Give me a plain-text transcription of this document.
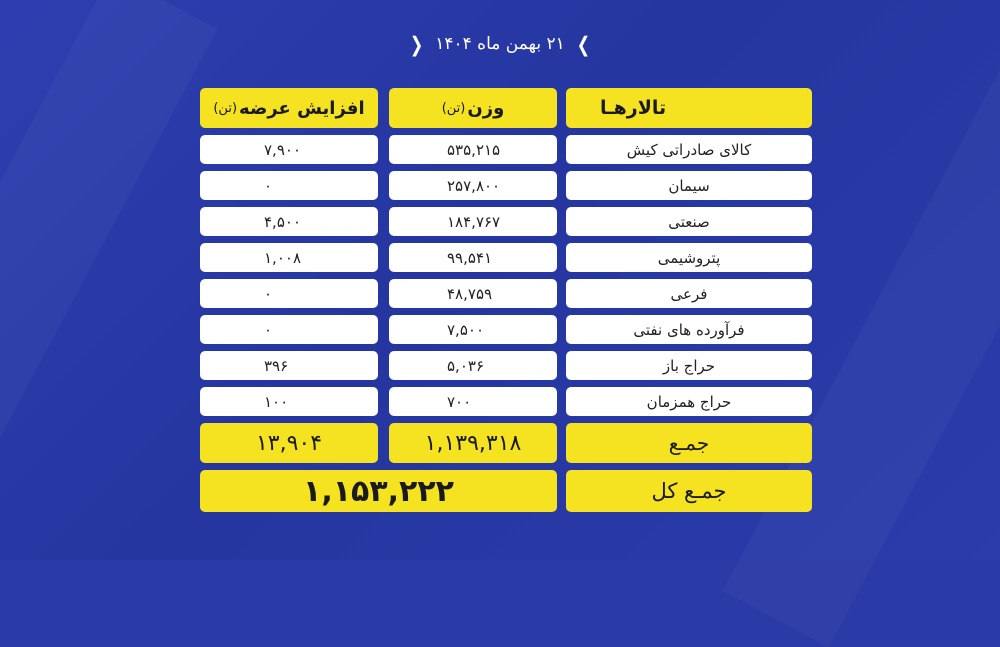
❯
۲۱ بهمن ماه ۱۴۰۴
❮
تالارهـا
وزن
(تن)
افزایش عرضه
(تن)
کالای صادراتی کیش
۵۳۵,۲۱۵
۷,۹۰۰
سیمان
۲۵۷,۸۰۰
۰
صنعتی
۱۸۴,۷۶۷
۴,۵۰۰
پتروشیمی
۹۹,۵۴۱
۱,۰۰۸
فرعی
۴۸,۷۵۹
۰
فرآورده های نفتی
۷,۵۰۰
۰
حراج باز
۵,۰۳۶
۳۹۶
حراج همزمان
۷۰۰
۱۰۰
جمـع
۱,۱۳۹,۳۱۸
۱۳,۹۰۴
جمـع کل
۱,۱۵۳,۲۲۲
